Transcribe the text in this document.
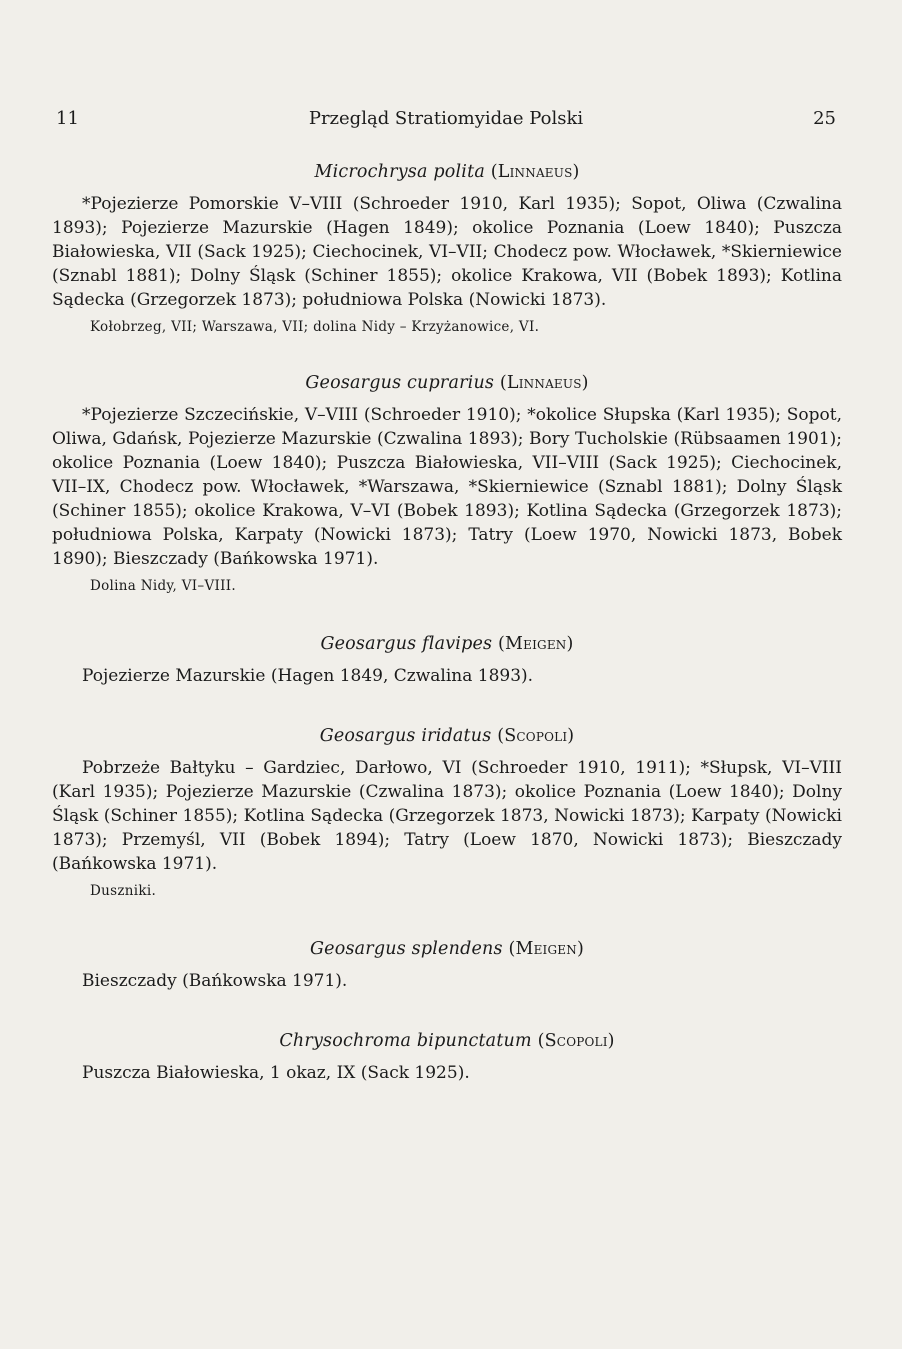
11	Przegląd Stratiomyidae Polski	25
Microchrysa polita (Linnaeus)

*Pojezierze Pomorskie V–VIII (Schroeder 1910, Karl 1935); Sopot, Oliwa (Czwalina 1893); Pojezierze Mazurskie (Hagen 1849); okolice Poznania (Loew 1840); Puszcza Białowieska, VII (Sack 1925); Ciechocinek, VI–VII; Chodecz pow. Włocławek, *Skierniewice (Sznabl 1881); Dolny Śląsk (Schiner 1855); okolice Krakowa, VII (Bobek 1893); Kotlina Sądecka (Grzegorzek 1873); południowa Polska (Nowicki 1873).

Kołobrzeg, VII; Warszawa, VII; dolina Nidy – Krzyżanowice, VI.
Geosargus cuprarius (Linnaeus)

*Pojezierze Szczecińskie, V–VIII (Schroeder 1910); *okolice Słupska (Karl 1935); Sopot, Oliwa, Gdańsk, Pojezierze Mazurskie (Czwalina 1893); Bory Tucholskie (Rübsaamen 1901); okolice Poznania (Loew 1840); Puszcza Białowieska, VII–VIII (Sack 1925); Ciechocinek, VII–IX, Chodecz pow. Włocławek, *Warszawa, *Skierniewice (Sznabl 1881); Dolny Śląsk (Schiner 1855); okolice Krakowa, V–VI (Bobek 1893); Kotlina Sądecka (Grzegorzek 1873); południowa Polska, Karpaty (Nowicki 1873); Tatry (Loew 1970, Nowicki 1873, Bobek 1890); Bieszczady (Bańkowska 1971).

Dolina Nidy, VI–VIII.
Geosargus flavipes (Meigen)

Pojezierze Mazurskie (Hagen 1849, Czwalina 1893).

Geosargus iridatus (Scopoli)

Pobrzeże Bałtyku – Gardziec, Darłowo, VI (Schroeder 1910, 1911); *Słupsk, VI–VIII (Karl 1935); Pojezierze Mazurskie (Czwalina 1873); okolice Poznania (Loew 1840); Dolny Śląsk (Schiner 1855); Kotlina Sądecka (Grzegorzek 1873, Nowicki 1873); Karpaty (Nowicki 1873); Przemyśl, VII (Bobek 1894); Tatry (Loew 1870, Nowicki 1873); Bieszczady (Bańkowska 1971).

Duszniki.
Geosargus splendens (Meigen)

Bieszczady (Bańkowska 1971).

Chrysochroma bipunctatum (Scopoli)

Puszcza Białowieska, 1 okaz, IX (Sack 1925).
